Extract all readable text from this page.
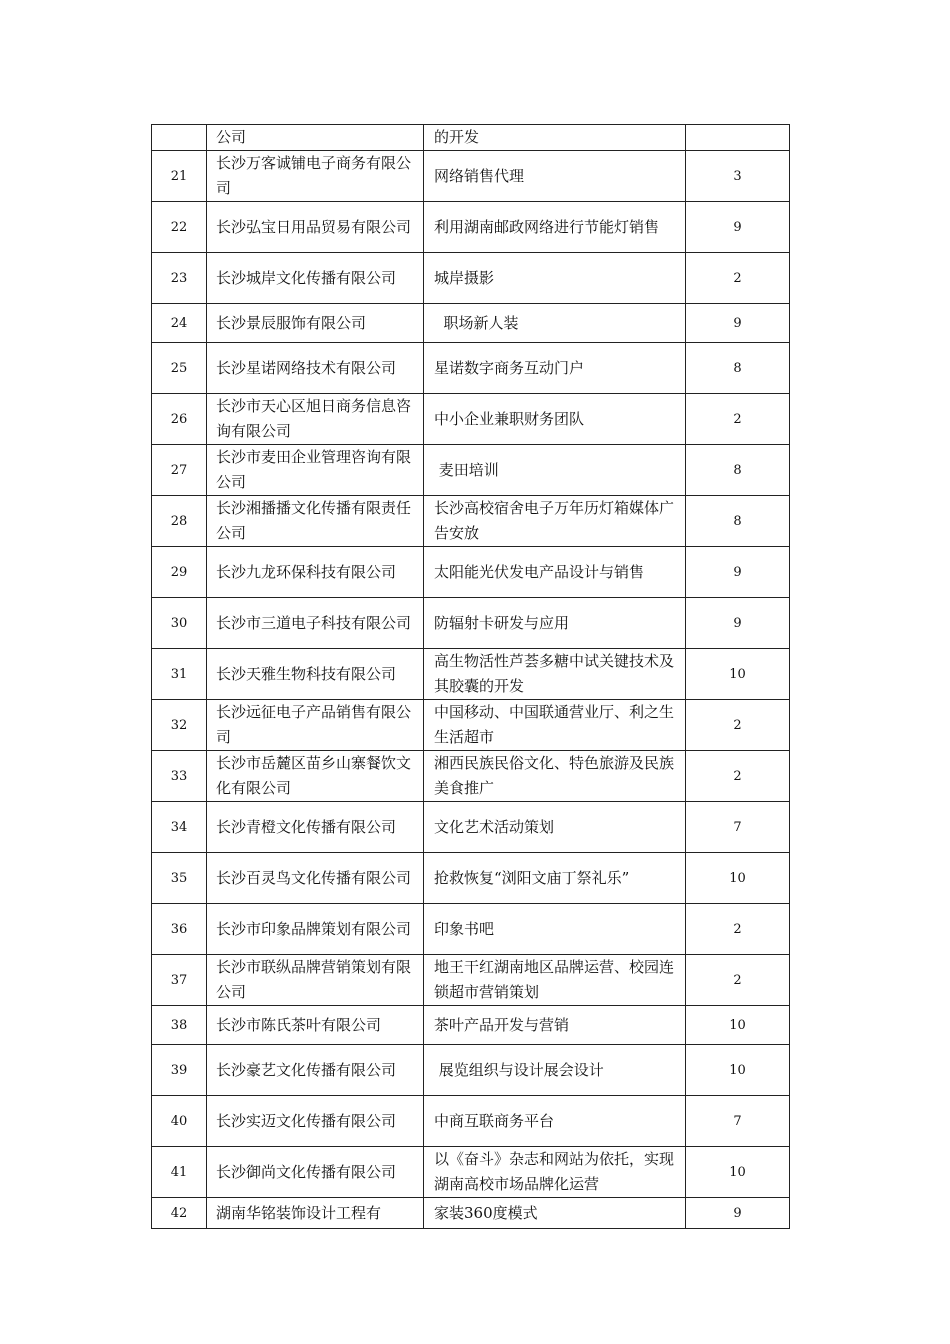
	公司	的开发	

21	长沙万客诚铺电子商务有限公司	网络销售代理	3
22	长沙弘宝日用品贸易有限公司	利用湖南邮政网络进行节能灯销售	9
23	长沙城岸文化传播有限公司	城岸摄影	2
24	长沙景辰服饰有限公司	职场新人装	9
25	长沙星诺网络技术有限公司	星诺数字商务互动门户	8
26	长沙市天心区旭日商务信息咨询有限公司	中小企业兼职财务团队	2
27	长沙市麦田企业管理咨询有限公司	麦田培训	8
28	长沙湘播播文化传播有限责任公司	长沙高校宿舍电子万年历灯箱媒体广告安放	8
29	长沙九龙环保科技有限公司	太阳能光伏发电产品设计与销售	9
30	长沙市三道电子科技有限公司	防辐射卡研发与应用	9
31	长沙天雅生物科技有限公司	高生物活性芦荟多糖中试关键技术及其胶囊的开发	10
32	长沙远征电子产品销售有限公司	中国移动、中国联通营业厅、利之生生活超市	2
33	长沙市岳麓区苗乡山寨餐饮文化有限公司	湘西民族民俗文化、特色旅游及民族美食推广	2
34	长沙青橙文化传播有限公司	文化艺术活动策划	7
35	长沙百灵鸟文化传播有限公司	抢救恢复“浏阳文庙丁祭礼乐”	10
36	长沙市印象品牌策划有限公司	印象书吧	2
37	长沙市联纵品牌营销策划有限公司	地王干红湖南地区品牌运营、校园连锁超市营销策划	2
38	长沙市陈氏茶叶有限公司	茶叶产品开发与营销	10
39	长沙豪艺文化传播有限公司	展览组织与设计展会设计	10
40	长沙实迈文化传播有限公司	中商互联商务平台	7
41	长沙御尚文化传播有限公司	以《奋斗》杂志和网站为依托，实现湖南高校市场品牌化运营	10
42	湖南华铭装饰设计工程有	家装360度模式	9
